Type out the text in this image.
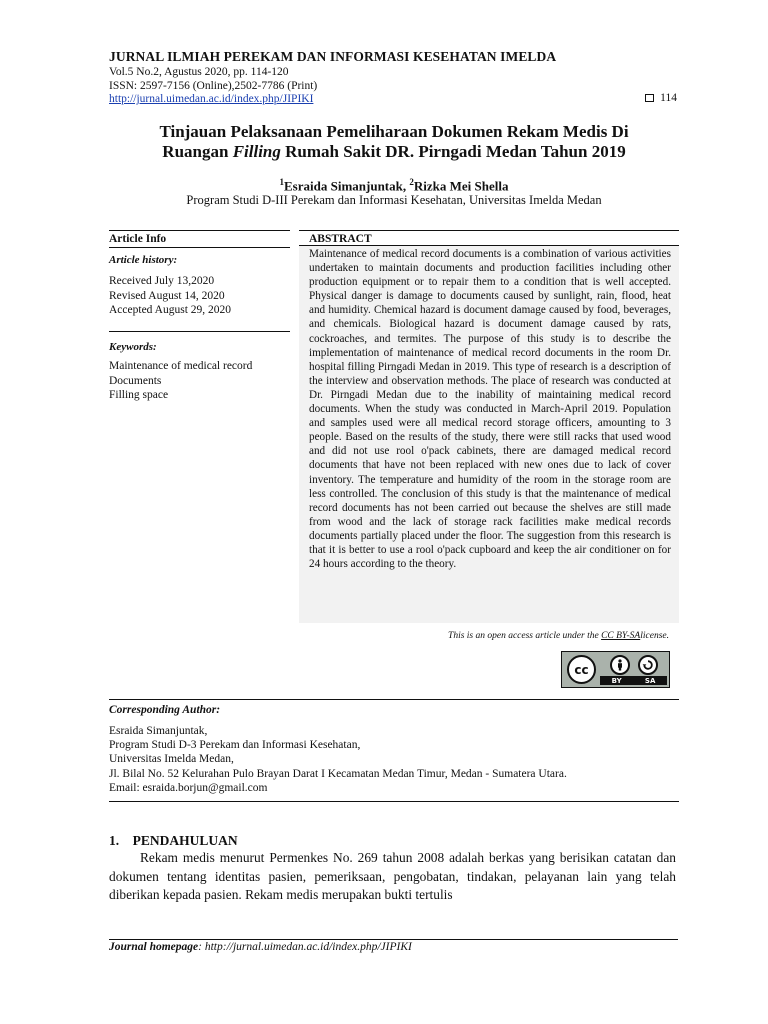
JURNAL ILMIAH PEREKAM DAN INFORMASI KESEHATAN IMELDA
Vol.5 No.2, Agustus 2020, pp. 114-120
ISSN: 2597-7156 (Online),2502-7786 (Print)
http://jurnal.uimedan.ac.id/index.php/JIPIKI	114
Tinjauan Pelaksanaan Pemeliharaan Dokumen Rekam Medis Di
Ruangan Filling Rumah Sakit DR. Pirngadi Medan Tahun 2019
$^1$Esraida Simanjuntak, $^2$Rizka Mei Shella
Program Studi D-III Perekam dan Informasi Kesehatan, Universitas Imelda Medan
Article Info
Article history:
Received July 13,2020
Revised August 14, 2020
Accepted August 29, 2020
Keywords:
Maintenance of medical record
Documents
Filling space
ABSTRACT
Maintenance of medical record documents is a combination of various activities undertaken to maintain documents and production facilities including other production equipment or to repair them to a condition that is well accepted. Physical danger is damage to documents caused by sunlight, rain, flood, heat and humidity. Chemical hazard is document damage caused by food, beverages, and chemicals. Biological hazard is document damage caused by rats, cockroaches, and termites. The purpose of this study is to describe the implementation of maintenance of medical record documents in the room Dr. hospital filling Pirngadi Medan in 2019. This type of research is a description of the interview and observation methods. The place of research was conducted at Dr. Pirngadi Medan due to the inability of maintaining medical record documents. When the study was conducted in March-April 2019. Population and samples used were all medical record storage officers, amounting to 3 people. Based on the results of the study, there were still racks that used wood and did not use rool o'pack cabinets, there are damaged medical record documents that have not been replaced with new ones due to lack of cover inventory. The temperature and humidity of the room in the storage room are less controlled. The conclusion of this study is that the maintenance of medical record documents has not been carried out because the shelves are still made from wood and the lack of storage rack facilities make medical records documents partially placed under the floor. The suggestion from this research is that it is better to use a rool o'pack cupboard and keep the air conditioner on for 24 hours according to the theory.
This is an open access article under the CC BY-SAlicense.
cc
BY	SA
Corresponding Author:
Esraida Simanjuntak,
Program Studi D-3 Perekam dan Informasi Kesehatan,
Universitas Imelda Medan,
Jl. Bilal No. 52 Kelurahan Pulo Brayan Darat I Kecamatan Medan Timur, Medan - Sumatera Utara.
Email: esraida.borjun@gmail.com
1.    PENDAHULUAN
Rekam medis menurut Permenkes No. 269 tahun 2008 adalah berkas yang berisikan catatan dan dokumen tentang identitas pasien, pemeriksaan, pengobatan, tindakan, pelayanan lain yang telah diberikan kepada pasien. Rekam medis merupakan bukti tertulis
Journal homepage: http://jurnal.uimedan.ac.id/index.php/JIPIKI
